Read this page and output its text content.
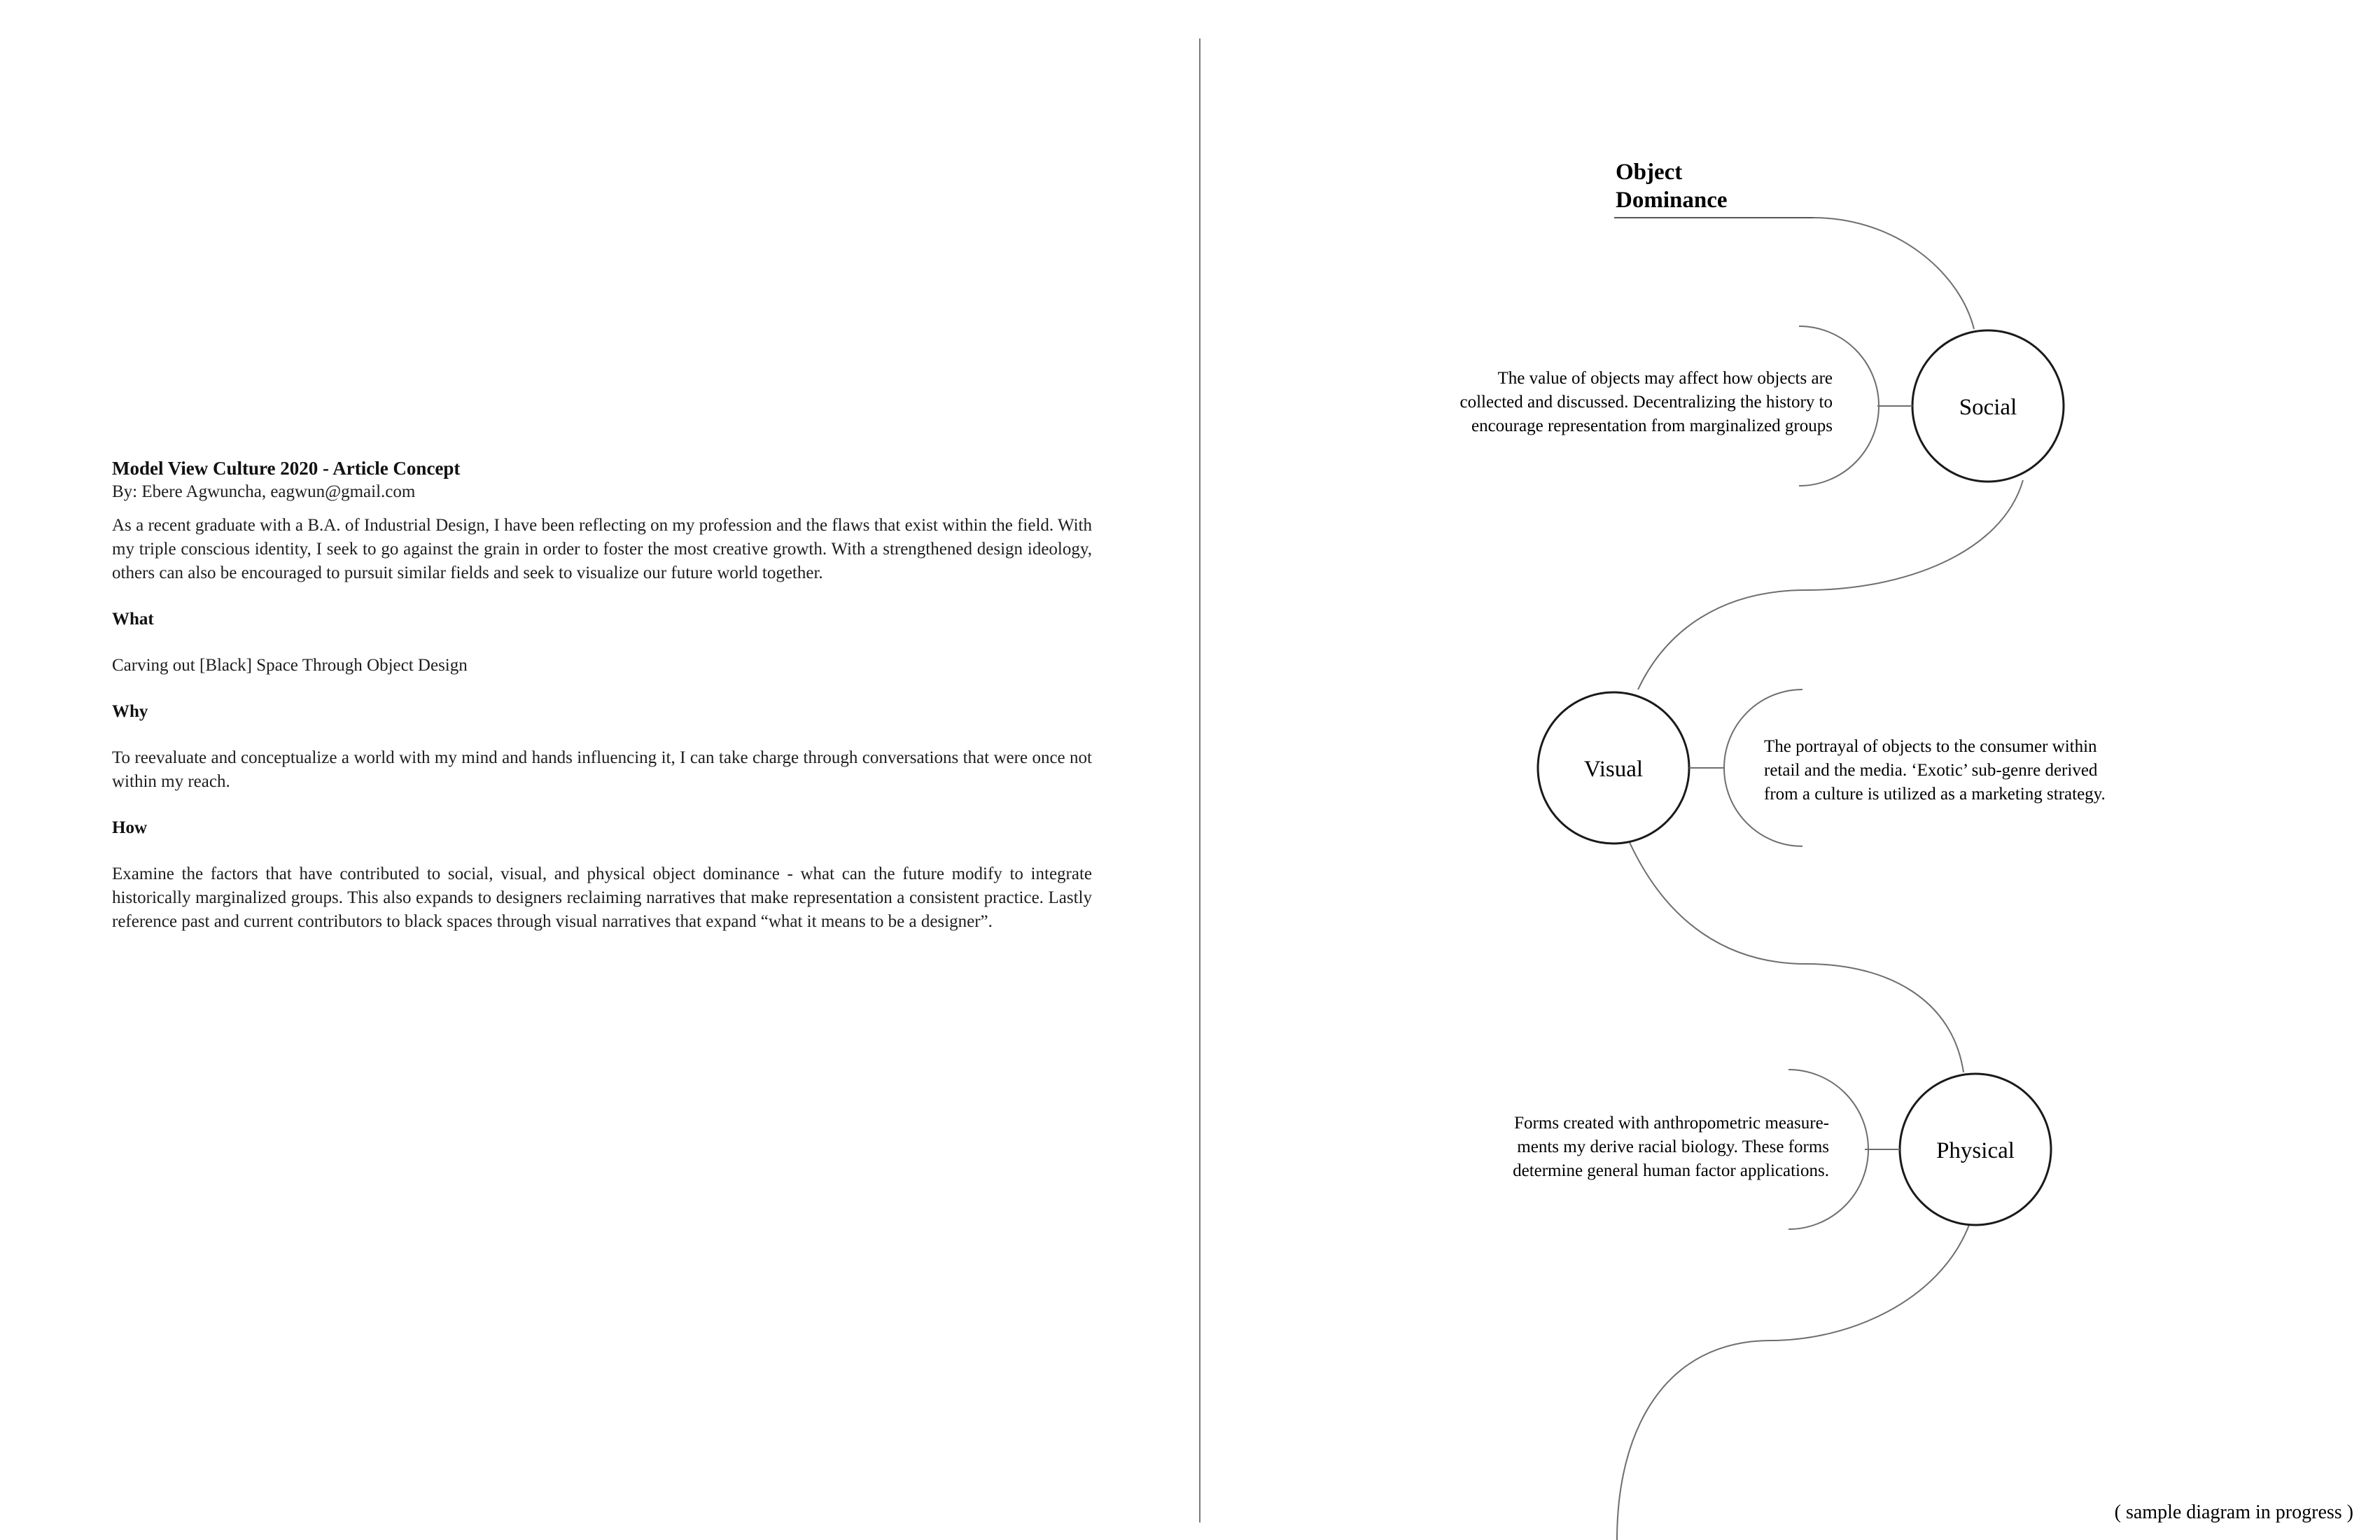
Model View Culture 2020 - Article Concept
By: Ebere Agwuncha, eagwun@gmail.com
As a recent graduate with a B.A. of Industrial Design, I have been reflecting on my profession and the flaws that exist within the field. With my triple conscious identity, I seek to go against the grain in order to foster the most creative growth. With a strengthened design ideology, others can also be encouraged to pursuit similar fields and seek to visualize our future world together.
What
Carving out [Black] Space Through Object Design
Why
To reevaluate and conceptualize a world with my mind and hands influencing it, I can take charge through conversations that were once not within my reach.
How
Examine the factors that have contributed to social, visual, and physical object dominance - what can the future modify to integrate historically marginalized groups. This also expands to designers reclaiming narratives that make representation a consistent practice. Lastly reference past and current contributors to black spaces through visual narratives that expand “what it means to be a designer”.
Object
Dominance
Social
The value of objects may affect how objects are
collected and discussed. Decentralizing the history to
encourage representation from marginalized groups
Visual
The portrayal of objects to the consumer within
retail and the media. ‘Exotic’ sub-genre derived
from a culture is utilized as a marketing strategy.
Physical
Forms created with anthropometric measure-
ments my derive racial biology. These forms
determine general human factor applications.
( sample diagram in progress )
